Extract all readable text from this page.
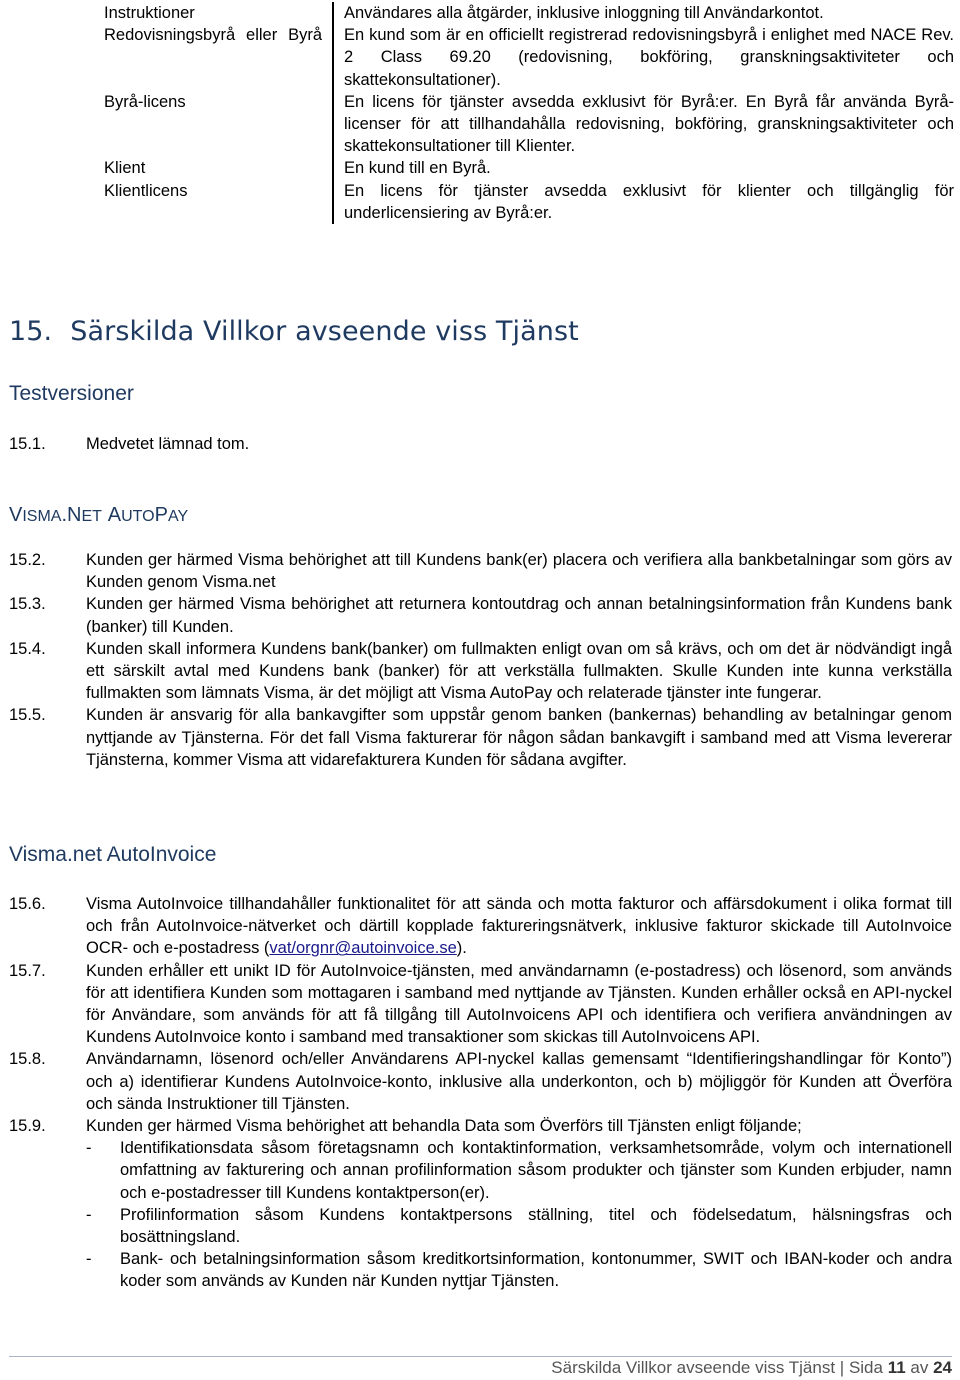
Instruktioner	Användares alla åtgärder, inklusive inloggning till Användarkontot.
Redovisningsbyrå eller Byrå	En kund som är en officiellt registrerad redovisningsbyrå i enlighet med NACE Rev. 2 Class 69.20 (redovisning, bokföring, granskningsaktiviteter och skattekonsultationer).
Byrå-licens	En licens för tjänster avsedda exklusivt för Byrå:er. En Byrå får använda Byrå-licenser för att tillhandahålla redovisning, bokföring, granskningsaktiviteter och skattekonsultationer till Klienter.
Klient	En kund till en Byrå.
Klientlicens	En licens för tjänster avsedda exklusivt för klienter och tillgänglig för underlicensiering av Byrå:er.
15. Särskilda Villkor avseende viss Tjänst
Testversioner
15.1.	Medvetet lämnad tom.
VISMA.NET AUTOPAY
15.2.	Kunden ger härmed Visma behörighet att till Kundens bank(er) placera och verifiera alla bankbetalningar som görs av Kunden genom Visma.net
15.3.	Kunden ger härmed Visma behörighet att returnera kontoutdrag och annan betalningsinformation från Kundens bank (banker) till Kunden.
15.4.	Kunden skall informera Kundens bank(banker) om fullmakten enligt ovan om så krävs, och om det är nödvändigt ingå ett särskilt avtal med Kundens bank (banker) för att verkställa fullmakten. Skulle Kunden inte kunna verkställa fullmakten som lämnats Visma, är det möjligt att Visma AutoPay och relaterade tjänster inte fungerar.
15.5.	Kunden är ansvarig för alla bankavgifter som uppstår genom banken (bankernas) behandling av betalningar genom nyttjande av Tjänsterna. För det fall Visma fakturerar för någon sådan bankavgift i samband med att Visma levererar Tjänsterna, kommer Visma att vidarefakturera Kunden för sådana avgifter.
Visma.net AutoInvoice
15.6.	Visma AutoInvoice tillhandahåller funktionalitet för att sända och motta fakturor och affärsdokument i olika format till och från AutoInvoice-nätverket och därtill kopplade faktureringsnätverk, inklusive fakturor skickade till AutoInvoice OCR- och e-postadress (vat/orgnr@autoinvoice.se).
15.7.	Kunden erhåller ett unikt ID för AutoInvoice-tjänsten, med användarnamn (e-postadress) och lösenord, som används för att identifiera Kunden som mottagaren i samband med nyttjande av Tjänsten. Kunden erhåller också en API-nyckel för Användare, som används för att få tillgång till AutoInvoicens API och identifiera och verifiera användningen av Kundens AutoInvoice konto i samband med transaktioner som skickas till AutoInvoicens API.
15.8.	Användarnamn, lösenord och/eller Användarens API-nyckel kallas gemensamt “Identifieringshandlingar för Konto”) och a) identifierar Kundens AutoInvoice-konto, inklusive alla underkonton, och b) möjliggör för Kunden att Överföra och sända Instruktioner till Tjänsten.
15.9.	Kunden ger härmed Visma behörighet att behandla Data som Överförs till Tjänsten enligt följande;
-	Identifikationsdata såsom företagsnamn och kontaktinformation, verksamhetsområde, volym och internationell omfattning av fakturering och annan profilinformation såsom produkter och tjänster som Kunden erbjuder, namn och e-postadresser till Kundens kontaktperson(er).
-	Profilinformation såsom Kundens kontaktpersons ställning, titel och födelsedatum, hälsningsfras och bosättningsland.
-	Bank- och betalningsinformation såsom kreditkortsinformation, kontonummer, SWIT och IBAN-koder och andra koder som används av Kunden när Kunden nyttjar Tjänsten.
Särskilda Villkor avseende viss Tjänst | Sida 11 av 24
